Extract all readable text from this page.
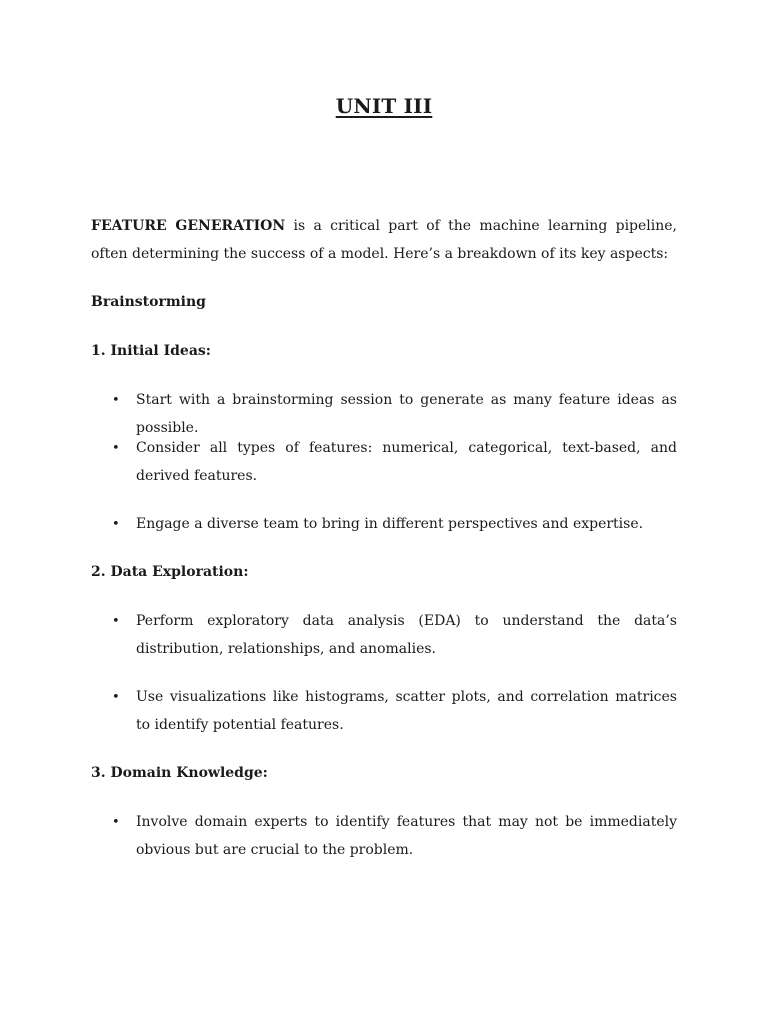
UNIT III
FEATURE GENERATION is a critical part of the machine learning pipeline, often determining the success of a model. Here’s a breakdown of its key aspects:
Brainstorming
1. Initial Ideas:
• Start with a brainstorming session to generate as many feature ideas as possible.
• Consider all types of features: numerical, categorical, text-based, and derived features.
• Engage a diverse team to bring in different perspectives and expertise.
2. Data Exploration:
• Perform exploratory data analysis (EDA) to understand the data’s distribution, relationships, and anomalies.
• Use visualizations like histograms, scatter plots, and correlation matrices to identify potential features.
3. Domain Knowledge:
• Involve domain experts to identify features that may not be immediately obvious but are crucial to the problem.
